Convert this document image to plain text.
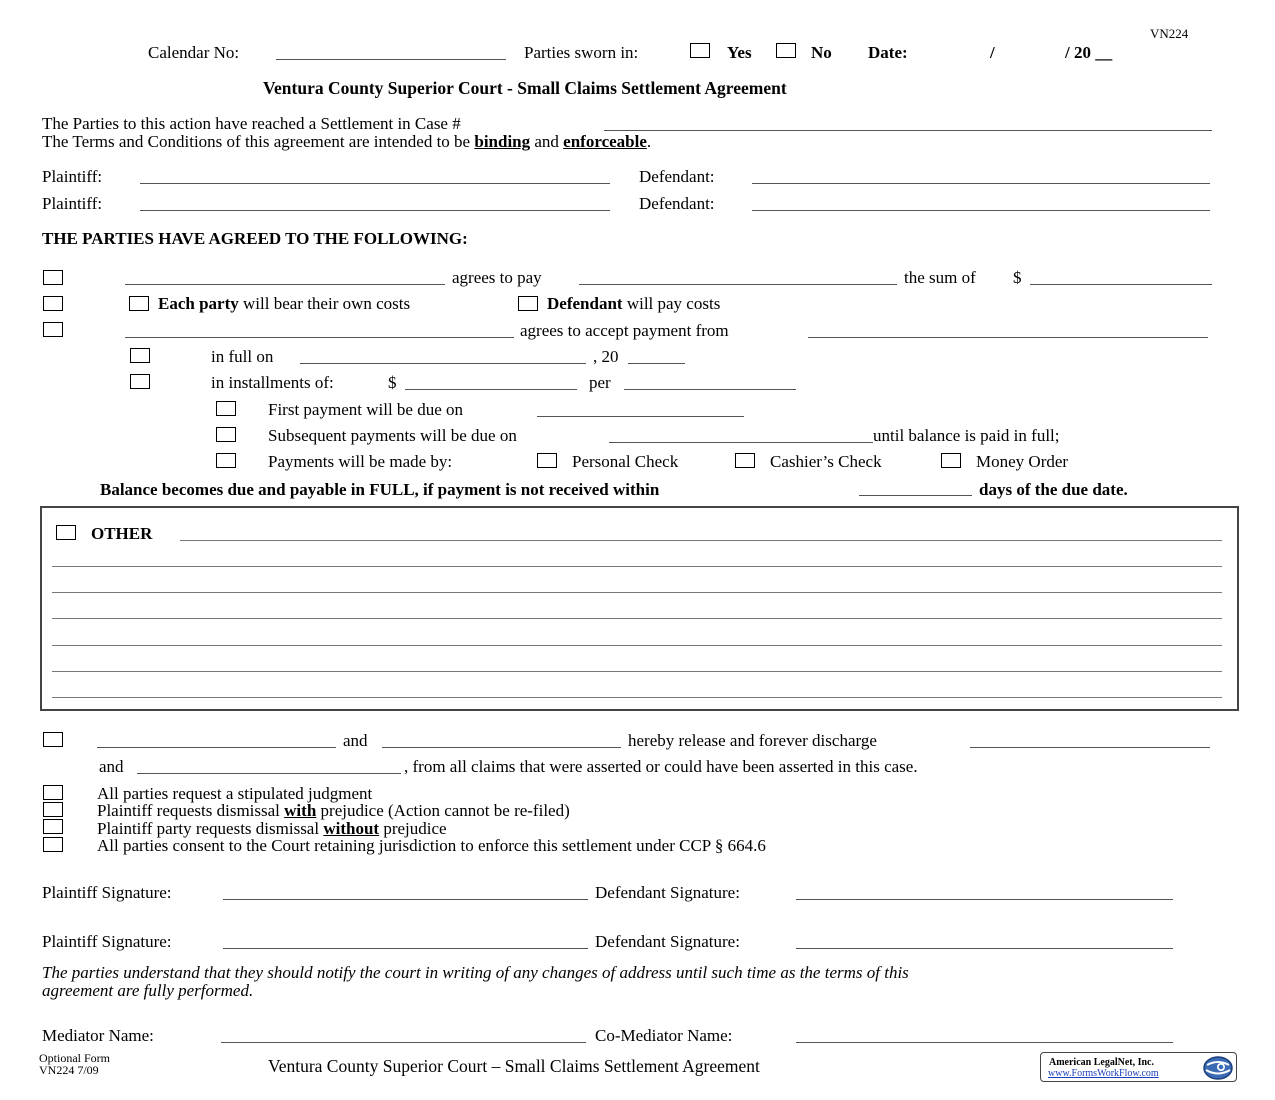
VN224
Calendar No:	Parties sworn in:	Yes	No Date:	/	/ 20 __
Ventura County Superior Court - Small Claims Settlement Agreement
The Parties to this action have reached a Settlement in Case #
The Terms and Conditions of this agreement are intended to be binding and enforceable.
Plaintiff:	Defendant:
Plaintiff:	Defendant:
THE PARTIES HAVE AGREED TO THE FOLLOWING:
agrees to pay	the sum of $
Each party will bear their own costs	Defendant will pay costs
agrees to accept payment from
in full on	, 20
in installments of:	$	per
First payment will be due on
Subsequent payments will be due on	until balance is paid in full;
Payments will be made by:	Personal Check	Cashier’s Check	Money Order
Balance becomes due and payable in FULL, if payment is not received within	days of the due date.
OTHER
and	hereby release and forever discharge
and	, from all claims that were asserted or could have been asserted in this case.
All parties request a stipulated judgment
Plaintiff requests dismissal with prejudice (Action cannot be re-filed)
Plaintiff party requests dismissal without prejudice
All parties consent to the Court retaining jurisdiction to enforce this settlement under CCP § 664.6
Plaintiff Signature:	Defendant Signature:
Plaintiff Signature:	Defendant Signature:
The parties understand that they should notify the court in writing of any changes of address until such time as the terms of this
agreement are fully performed.
Mediator Name:	Co-Mediator Name:
Optional Form
VN224 7/09	Ventura County Superior Court – Small Claims Settlement Agreement	American LegalNet, Inc.
www.FormsWorkFlow.com
